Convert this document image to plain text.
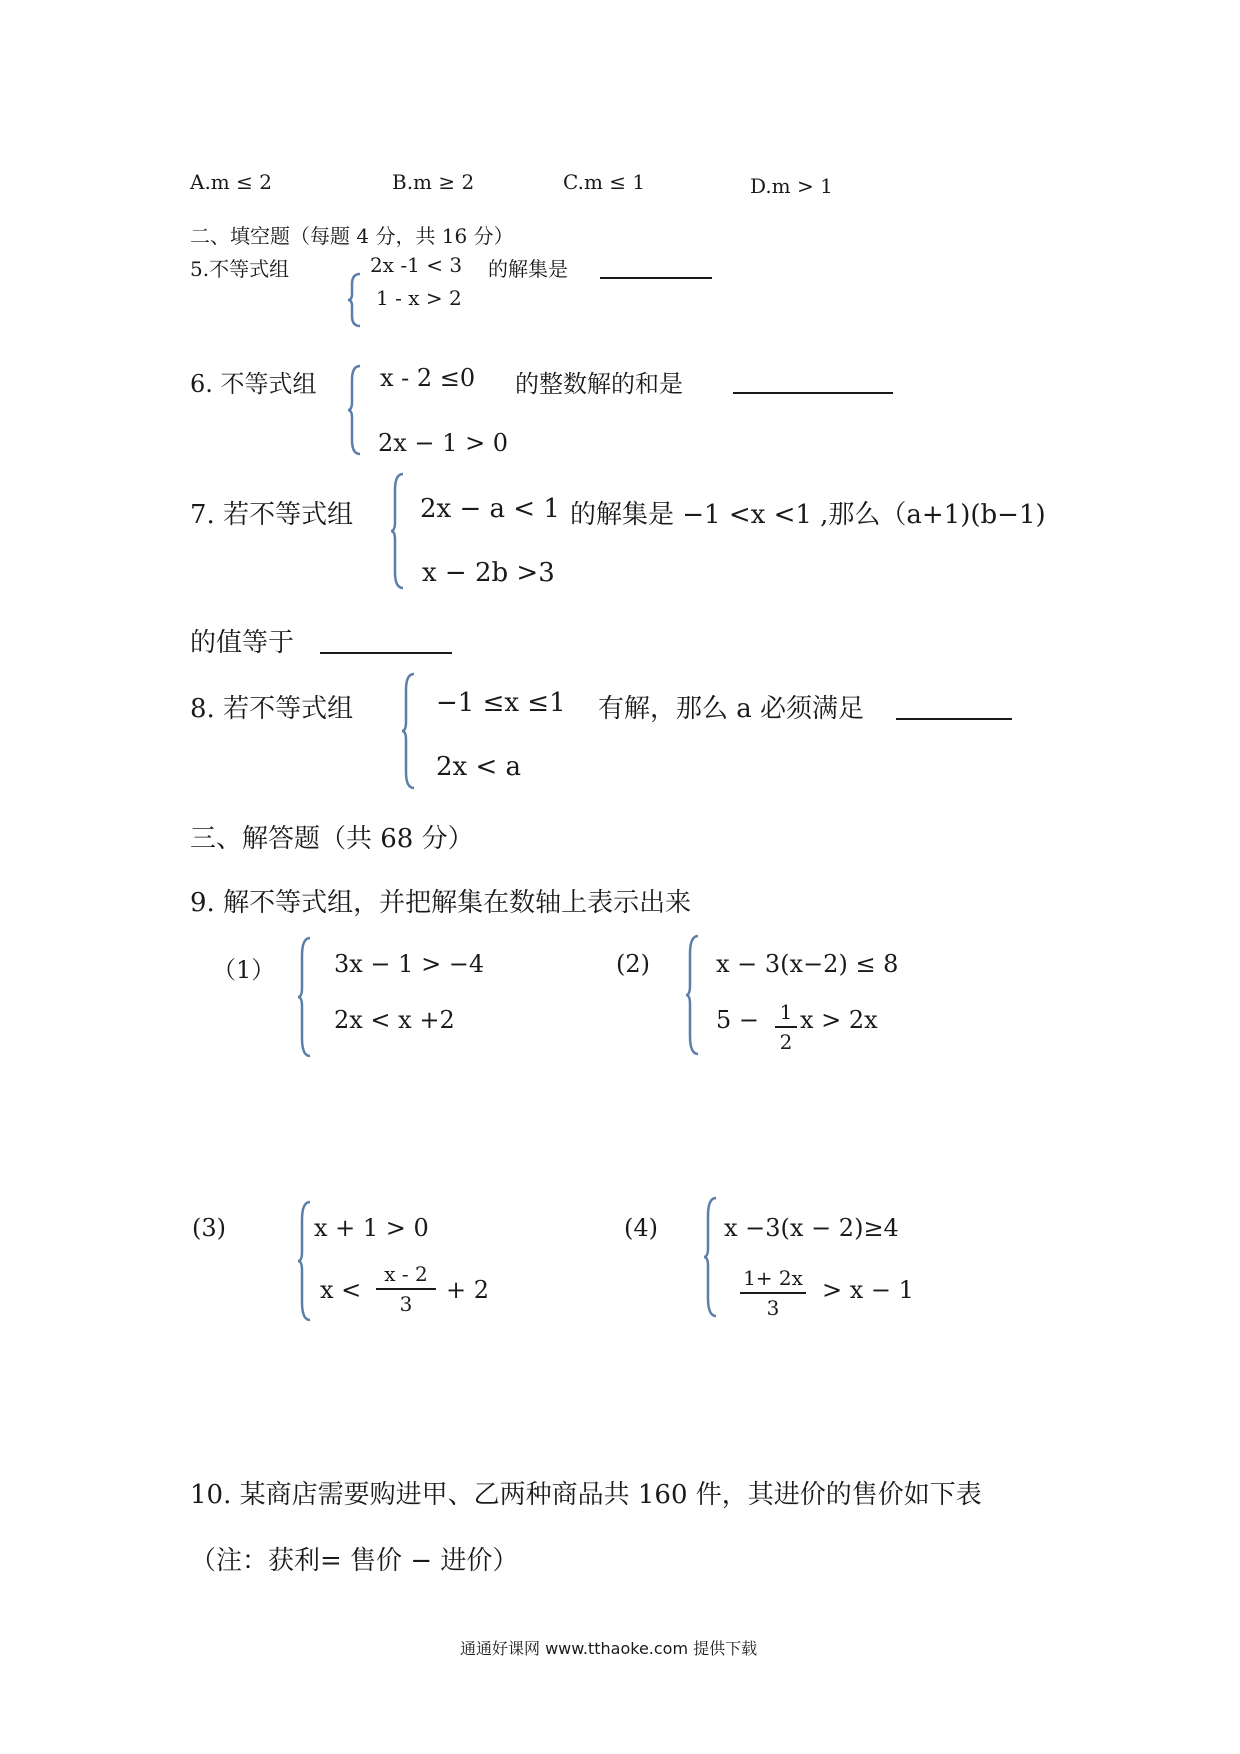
A.m ≤ 2	B.m ≥ 2	C.m ≤ 1	D.m > 1
二、填空题（每题 4 分，共 16 分）
5.不等式组	2x -1 < 3
1 - x > 2
的解集是
6. 不等式组	x - 2 ≤0
2x − 1 > 0
的整数解的和是
7. 若不等式组	2x − a < 1
x − 2b >3
的解集是 −1 <x <1 ,那么（a+1)(b−1)
的值等于
8. 若不等式组	−1 ≤x ≤1
2x < a
有解，那么 a 必须满足
三、解答题（共 68 分）
9. 解不等式组，并把解集在数轴上表示出来
（1） 3x − 1 > −4
2x < x +2
(2)	x − 3(x−2) ≤ 8
5 − 1
2
x > 2x
(3)	x + 1 > 0
x <
x - 2
3	+ 2
(4)	x −3(x − 2)≥4
1+ 2x
3
> x − 1
10. 某商店需要购进甲、乙两种商品共 160 件，其进价的售价如下表
（注：获利= 售价 − 进价）
通通好课网 www.tthaoke.com 提供下载
